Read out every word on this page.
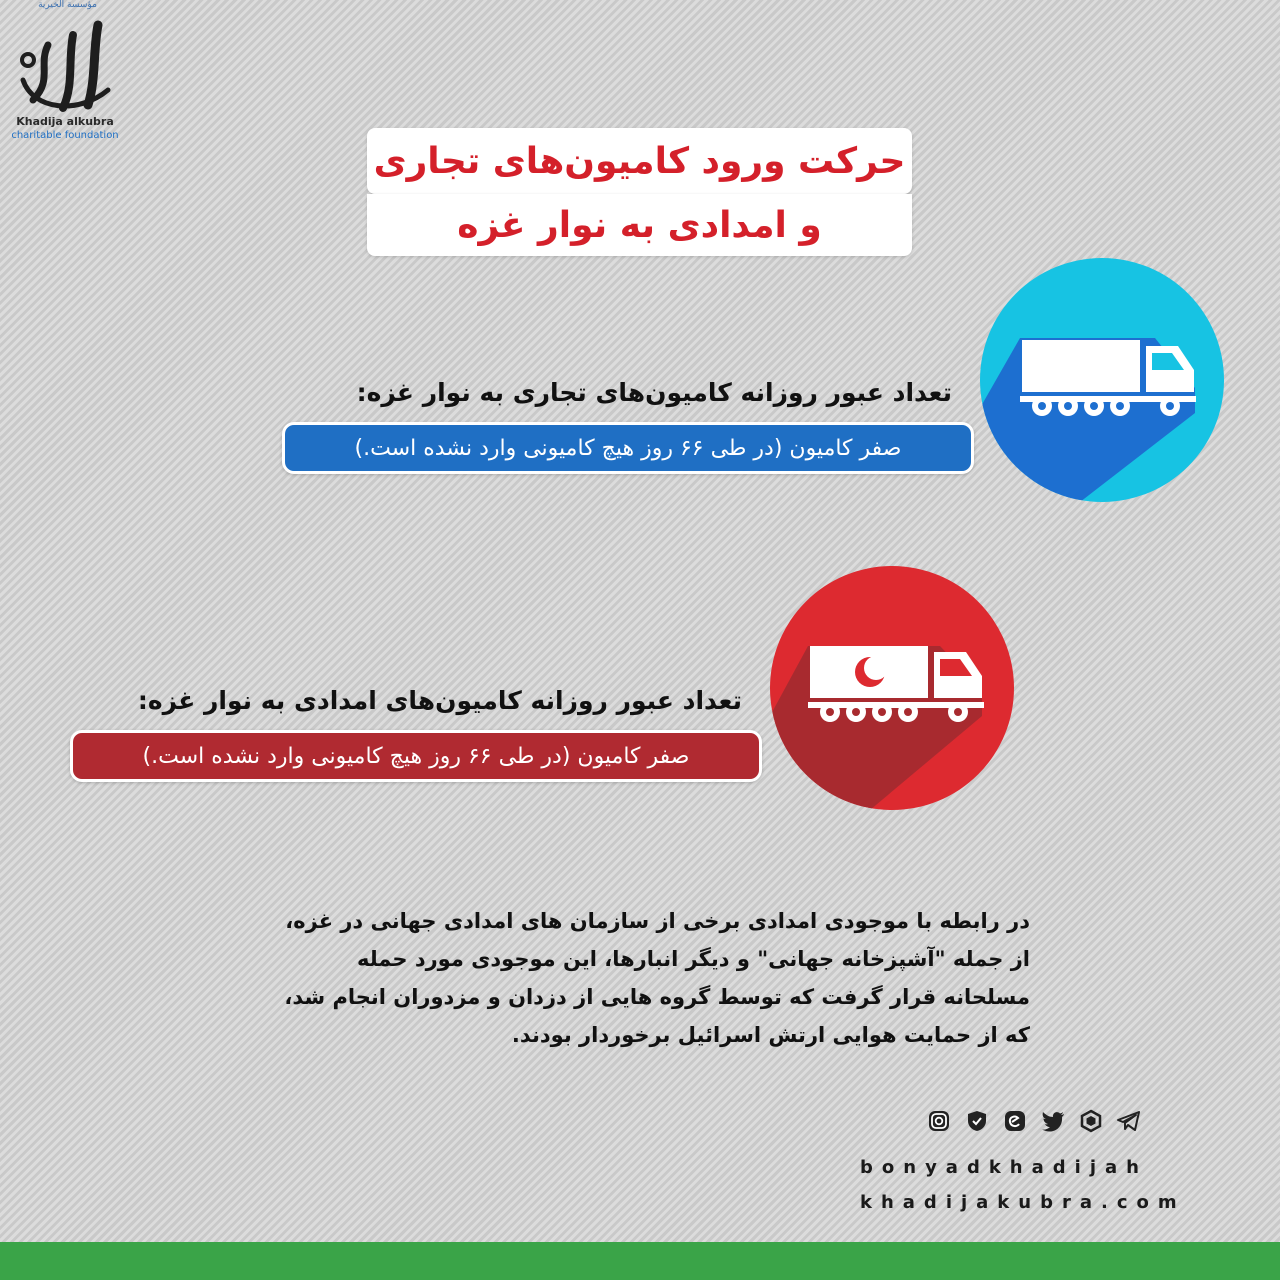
مؤسسة الخيرية
Khadija alkubra
charitable foundation
حرکت ورود کامیون‌های تجاری
و امدادی به نوار غزه
تعداد عبور روزانه کامیون‌های تجاری به نوار غزه:
صفر کامیون (در طی ۶۶ روز هیچ کامیونی وارد نشده است.)
تعداد عبور روزانه کامیون‌های امدادی به نوار غزه:
صفر کامیون (در طی ۶۶ روز هیچ کامیونی وارد نشده است.)
در رابطه با موجودی امدادی برخی از سازمان های امدادی جهانی در غزه،
از جمله "آشپزخانه جهانی" و دیگر انبارها، این موجودی مورد حمله
مسلحانه قرار گرفت که توسط گروه هایی از دزدان و مزدوران انجام شد،
که از حمایت هوایی ارتش اسرائیل برخوردار بودند.
bonyadkhadijah
khadijakubra.com
